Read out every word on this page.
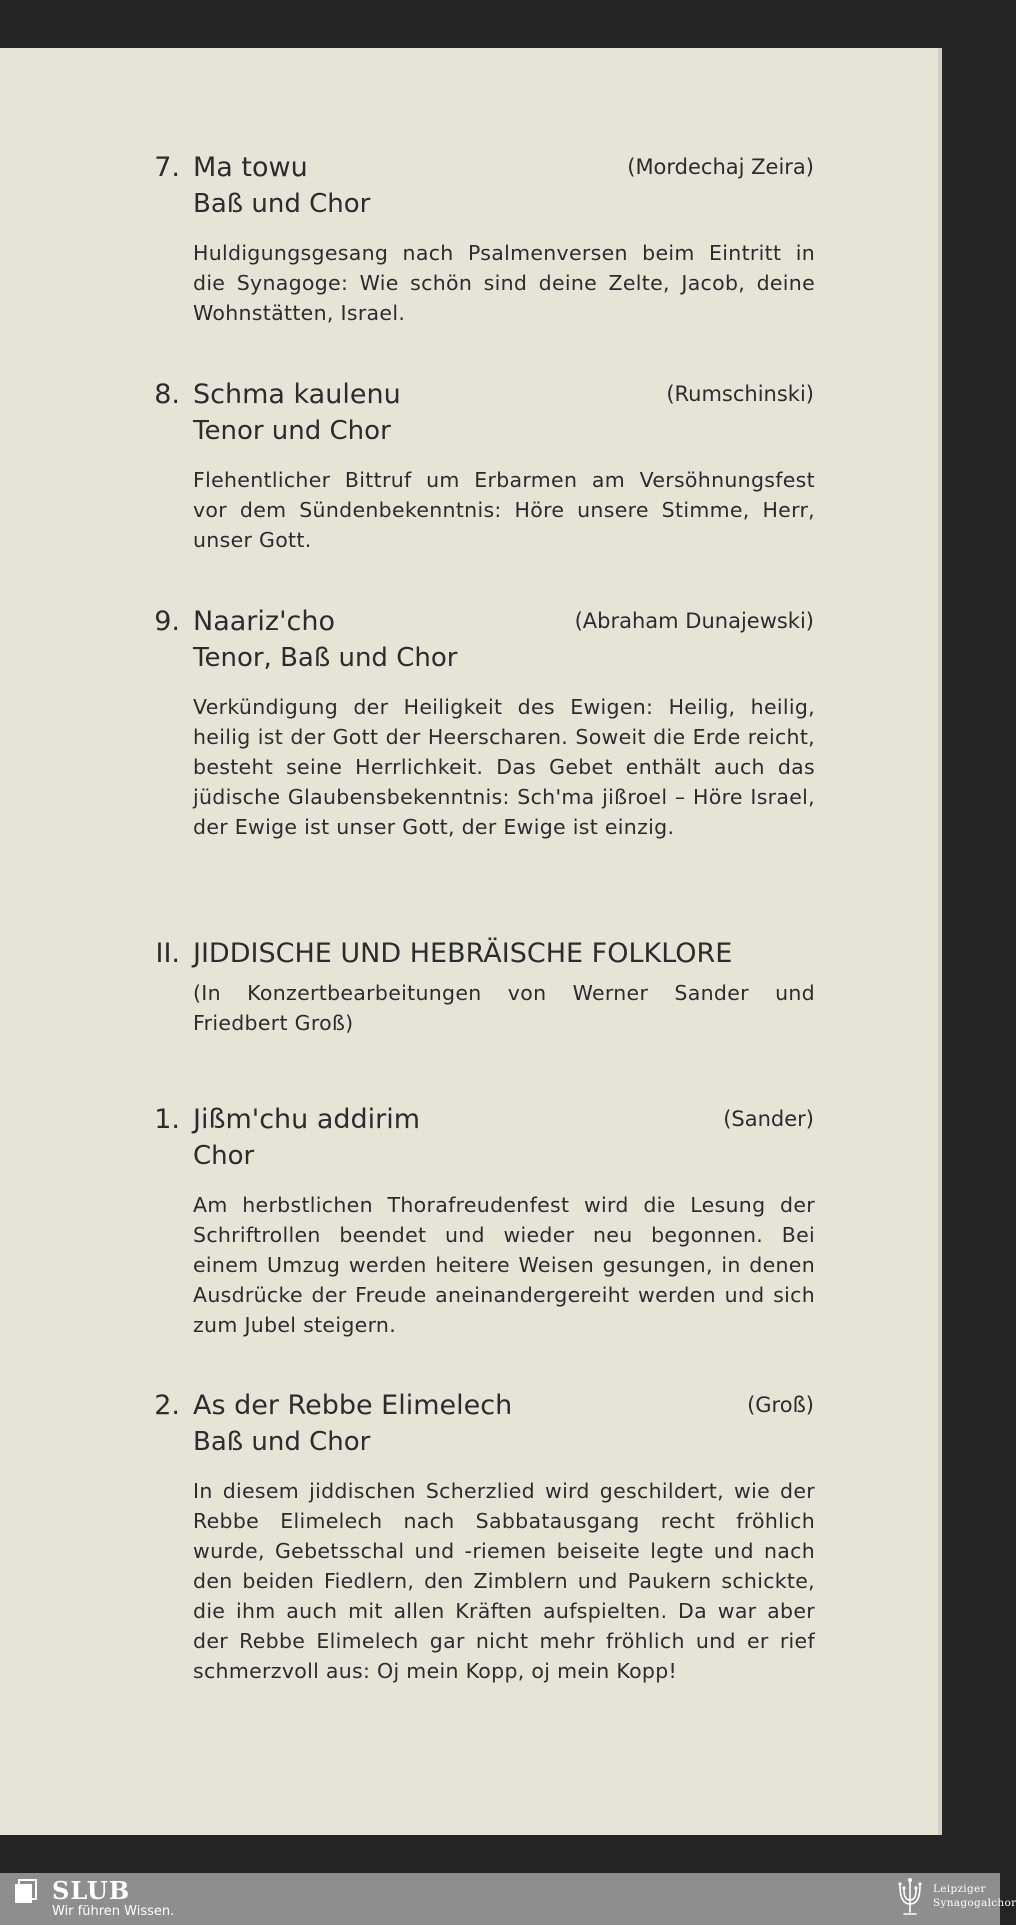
7. Ma towu	(Mordechaj Zeira)
Baß und Chor
Huldigungsgesang nach Psalmenversen beim Eintritt in die Synagoge: Wie schön sind deine Zelte, Jacob, deine Wohnstätten, Israel.
8. Schma kaulenu	(Rumschinski)
Tenor und Chor
Flehentlicher Bittruf um Erbarmen am Versöhnungsfest vor dem Sündenbekenntnis: Höre unsere Stimme, Herr, unser Gott.
9. Naariz'cho	(Abraham Dunajewski)
Tenor, Baß und Chor
Verkündigung der Heiligkeit des Ewigen: Heilig, heilig, heilig ist der Gott der Heerscharen. Soweit die Erde reicht, besteht seine Herrlichkeit. Das Gebet enthält auch das jüdische Glaubensbekenntnis: Sch'ma jißroel – Höre Israel, der Ewige ist unser Gott, der Ewige ist einzig.
II. JIDDISCHE UND HEBRÄISCHE FOLKLORE
(In Konzertbearbeitungen von Werner Sander und Friedbert Groß)
1. Jißm'chu addirim	(Sander)
Chor
Am herbstlichen Thorafreudenfest wird die Lesung der Schriftrollen beendet und wieder neu begonnen. Bei einem Umzug werden heitere Weisen gesungen, in denen Ausdrücke der Freude aneinandergereiht werden und sich zum Jubel steigern.
2. As der Rebbe Elimelech	(Groß)
Baß und Chor
In diesem jiddischen Scherzlied wird geschildert, wie der Rebbe Elimelech nach Sabbatausgang recht fröhlich wurde, Gebetsschal und -riemen beiseite legte und nach den beiden Fiedlern, den Zimblern und Paukern schickte, die ihm auch mit allen Kräften aufspielten. Da war aber der Rebbe Elimelech gar nicht mehr fröhlich und er rief schmerzvoll aus: Oj mein Kopp, oj mein Kopp!
SLUB
Wir führen Wissen.
Leipziger
Synagogalchor
